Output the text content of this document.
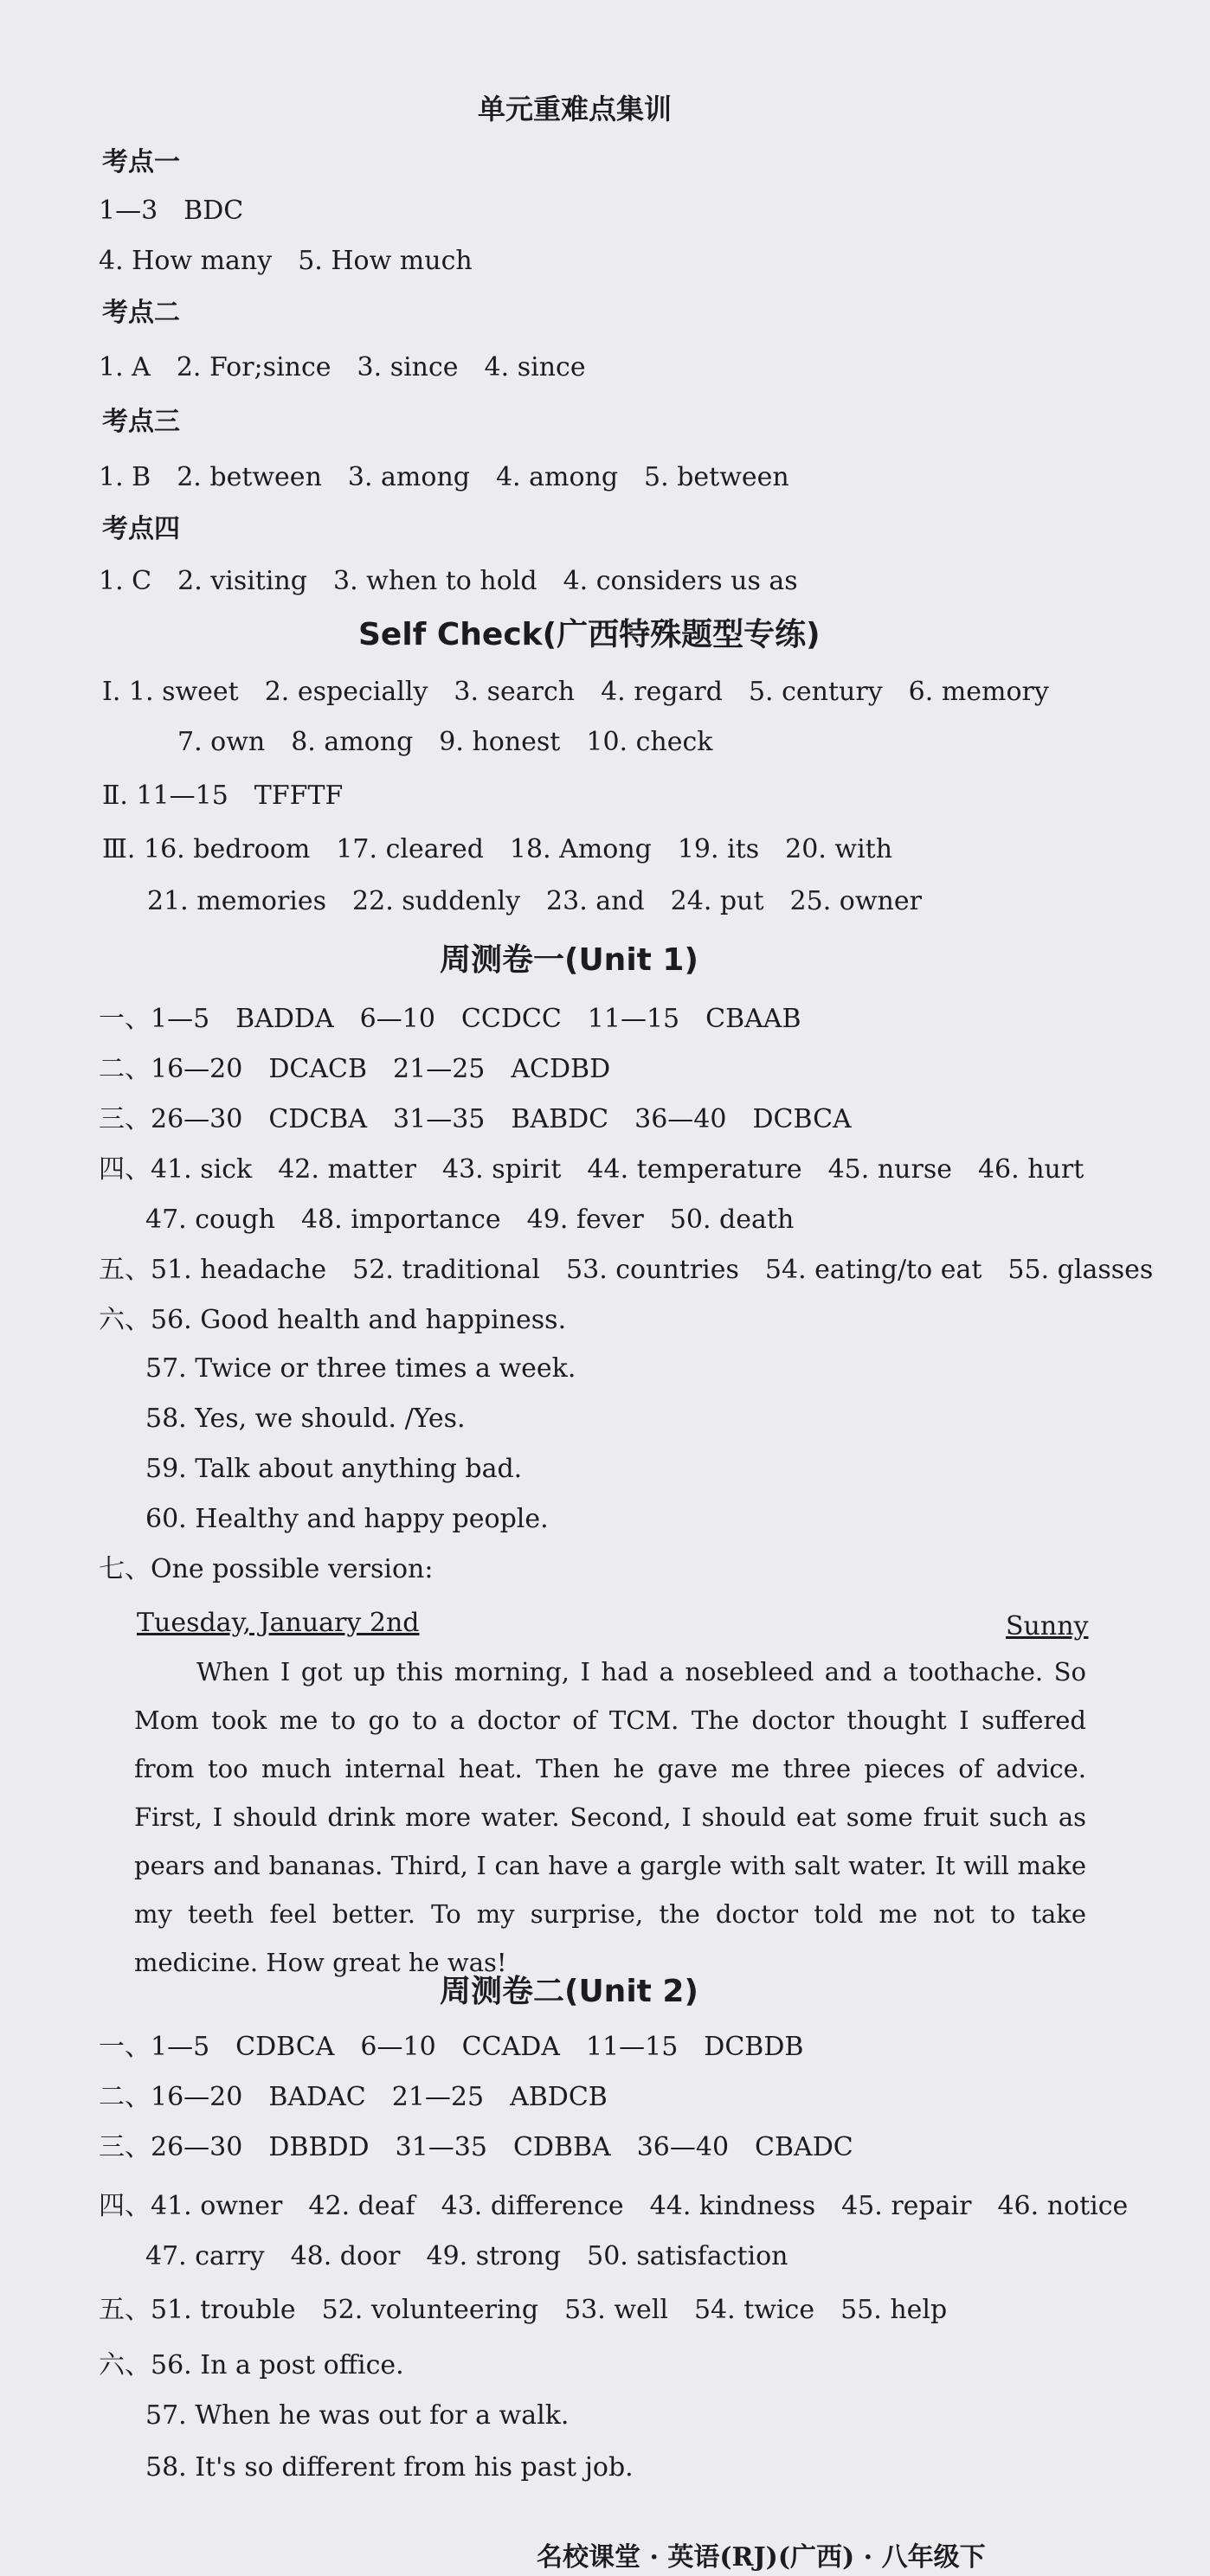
单元重难点集训
考点一
1—3　BDC
4. How many　5. How much
考点二
1. A　2. For;since　3. since　4. since
考点三
1. B　2. between　3. among　4. among　5. between
考点四
1. C　2. visiting　3. when to hold　4. considers us as
Self Check(广西特殊题型专练)
Ⅰ. 1. sweet　2. especially　3. search　4. regard　5. century　6. memory
7. own　8. among　9. honest　10. check
Ⅱ. 11—15　TFFTF
Ⅲ. 16. bedroom　17. cleared　18. Among　19. its　20. with
21. memories　22. suddenly　23. and　24. put　25. owner
周测卷一(Unit 1)
一、1—5　BADDA　6—10　CCDCC　11—15　CBAAB
二、16—20　DCACB　21—25　ACDBD
三、26—30　CDCBA　31—35　BABDC　36—40　DCBCA
四、41. sick　42. matter　43. spirit　44. temperature　45. nurse　46. hurt
47. cough　48. importance　49. fever　50. death
五、51. headache　52. traditional　53. countries　54. eating/to eat　55. glasses
六、56. Good health and happiness.
57. Twice or three times a week.
58. Yes, we should. /Yes.
59. Talk about anything bad.
60. Healthy and happy people.
七、One possible version:
Tuesday, January 2nd	Sunny

When I got up this morning, I had a nosebleed and a toothache. So Mom took me to go to a doctor of TCM. The doctor thought I suffered from too much internal heat. Then he gave me three pieces of advice. First, I should drink more water. Second, I should eat some fruit such as pears and bananas. Third, I can have a gargle with salt water. It will make my teeth feel better. To my surprise, the doctor told me not to take medicine. How great he was!

周测卷二(Unit 2)
一、1—5　CDBCA　6—10　CCADA　11—15　DCBDB
二、16—20　BADAC　21—25　ABDCB
三、26—30　DBBDD　31—35　CDBBA　36—40　CBADC
四、41. owner　42. deaf　43. difference　44. kindness　45. repair　46. notice
47. carry　48. door　49. strong　50. satisfaction
五、51. trouble　52. volunteering　53. well　54. twice　55. help
六、56. In a post office.
57. When he was out for a walk.
58. It's so different from his past job.
名校课堂 · 英语(RJ)(广西) · 八年级下
